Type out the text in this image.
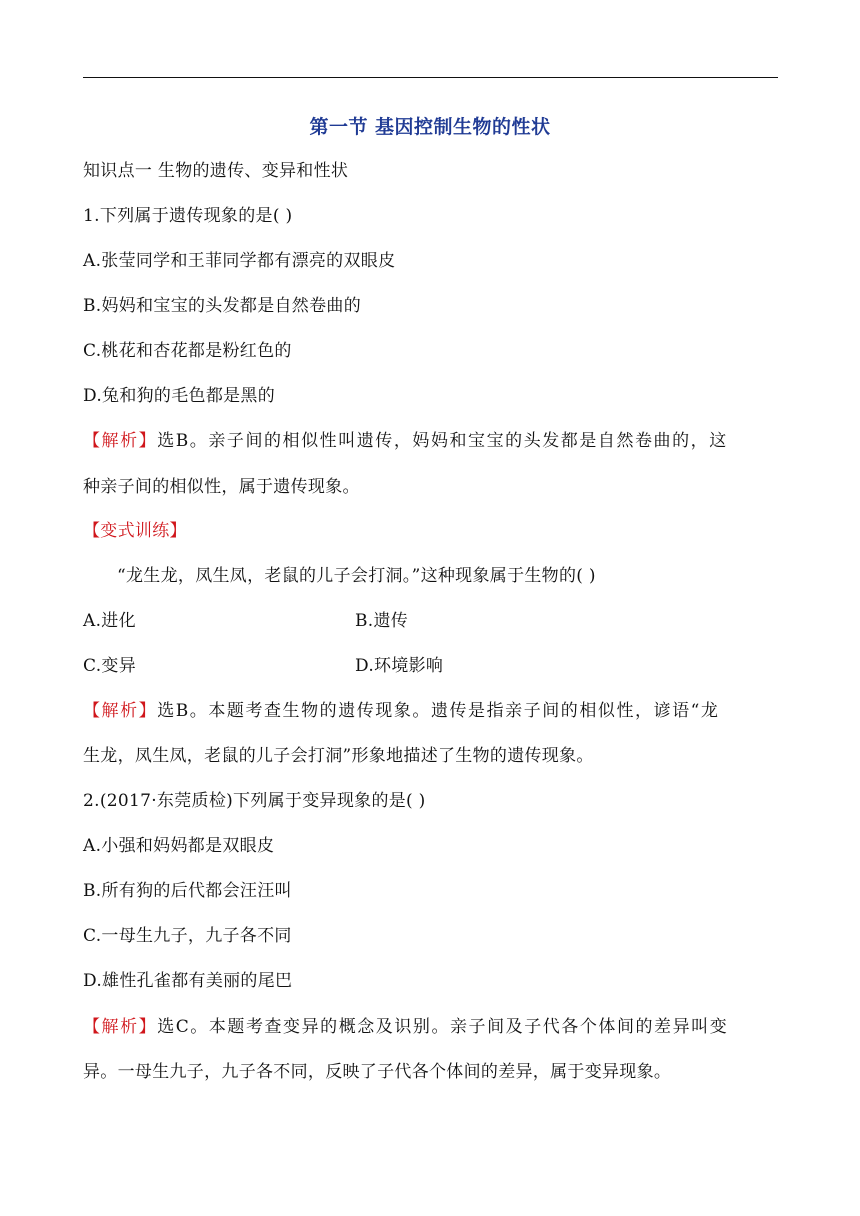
第一节 基因控制生物的性状
知识点一 生物的遗传、变异和性状
1.下列属于遗传现象的是( )
A.张莹同学和王菲同学都有漂亮的双眼皮
B.妈妈和宝宝的头发都是自然卷曲的
C.桃花和杏花都是粉红色的
D.兔和狗的毛色都是黑的
【解析】选B。亲子间的相似性叫遗传，妈妈和宝宝的头发都是自然卷曲的，这
种亲子间的相似性，属于遗传现象。
【变式训练】
“龙生龙，凤生凤，老鼠的儿子会打洞。”这种现象属于生物的( )
A.进化	B.遗传
C.变异	D.环境影响
【解析】选B。本题考查生物的遗传现象。遗传是指亲子间的相似性，谚语“龙
生龙，凤生凤，老鼠的儿子会打洞”形象地描述了生物的遗传现象。
2.(2017·东莞质检)下列属于变异现象的是( )
A.小强和妈妈都是双眼皮
B.所有狗的后代都会汪汪叫
C.一母生九子，九子各不同
D.雄性孔雀都有美丽的尾巴
【解析】选C。本题考查变异的概念及识别。亲子间及子代各个体间的差异叫变
异。一母生九子，九子各不同，反映了子代各个体间的差异，属于变异现象。
